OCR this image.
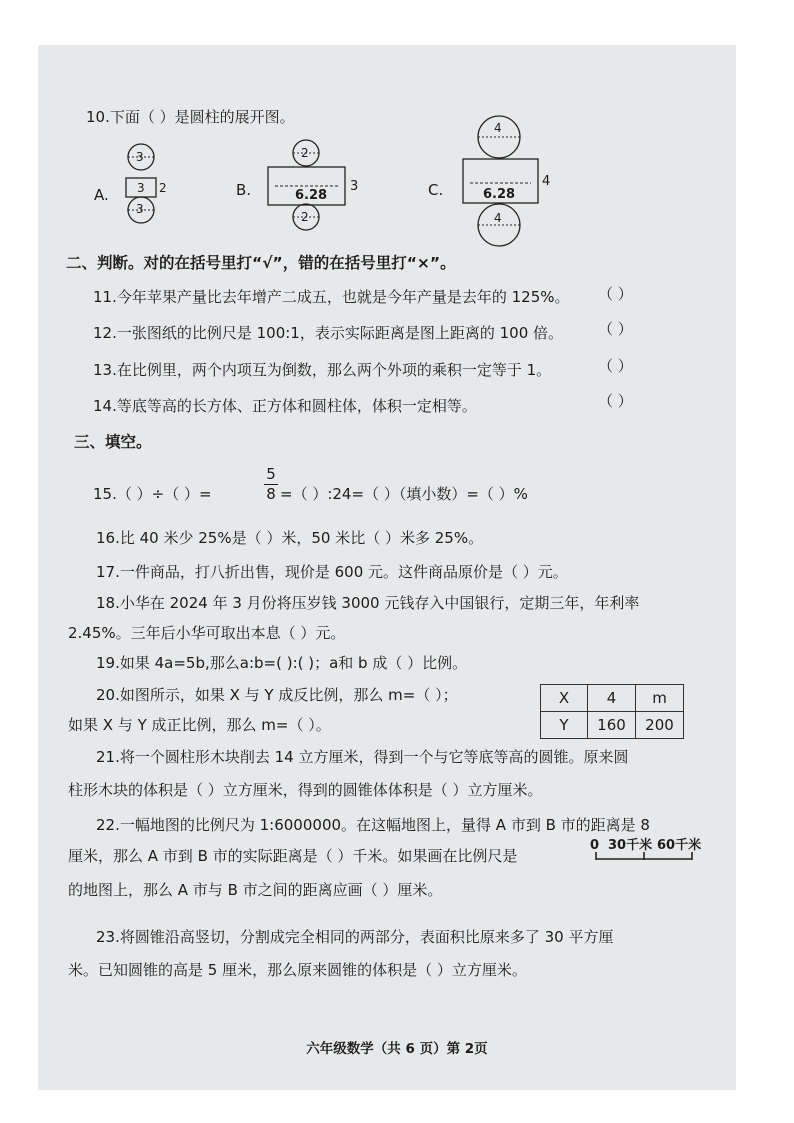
10.下面（ ）是圆柱的展开图。
A.
3
3 2
3
B.
2
6.28
3
2
C.
4
6.28
4
4
二、判断。对的在括号里打“√”，错的在括号里打“×”。
11.今年苹果产量比去年增产二成五，也就是今年产量是去年的 125%。 （ ）
12.一张图纸的比例尺是 100:1，表示实际距离是图上距离的 100 倍。 （ ）
13.在比例里，两个内项互为倒数，那么两个外项的乘积一定等于 1。	（ ）
14.等底等高的长方体、正方体和圆柱体，体积一定相等。	（ ）
三、填空。
15.（ ）÷（ ）=
5
8 =（ ）:24=（ ）（填小数）=（ ）%
16.比 40 米少 25%是（ ）米，50 米比（ ）米多 25%。
17.一件商品，打八折出售，现价是 600 元。这件商品原价是（ ）元。
18.小华在 2024 年 3 月份将压岁钱 3000 元钱存入中国银行，定期三年，年利率
2.45%。三年后小华可取出本息（ ）元。
19.如果 4a=5b,那么a:b=( ):( )；a和 b 成（ ）比例。
20.如图所示，如果 X 与 Y 成反比例，那么 m=（ ）；
如果 X 与 Y 成正比例，那么 m=（ ）。
X	4	m
Y	160	200
21.将一个圆柱形木块削去 14 立方厘米，得到一个与它等底等高的圆锥。原来圆
柱形木块的体积是（ ）立方厘米，得到的圆锥体体积是（ ）立方厘米。
22.一幅地图的比例尺为 1:6000000。在这幅地图上，量得 A 市到 B 市的距离是 8
厘米，那么 A 市到 B 市的实际距离是（ ）千米。如果画在比例尺是
0 30千米 60千米
的地图上，那么 A 市与 B 市之间的距离应画（ ）厘米。
23.将圆锥沿高竖切，分割成完全相同的两部分，表面积比原来多了 30 平方厘
米。已知圆锥的高是 5 厘米，那么原来圆锥的体积是（ ）立方厘米。
六年级数学（共 6 页）第 2页
